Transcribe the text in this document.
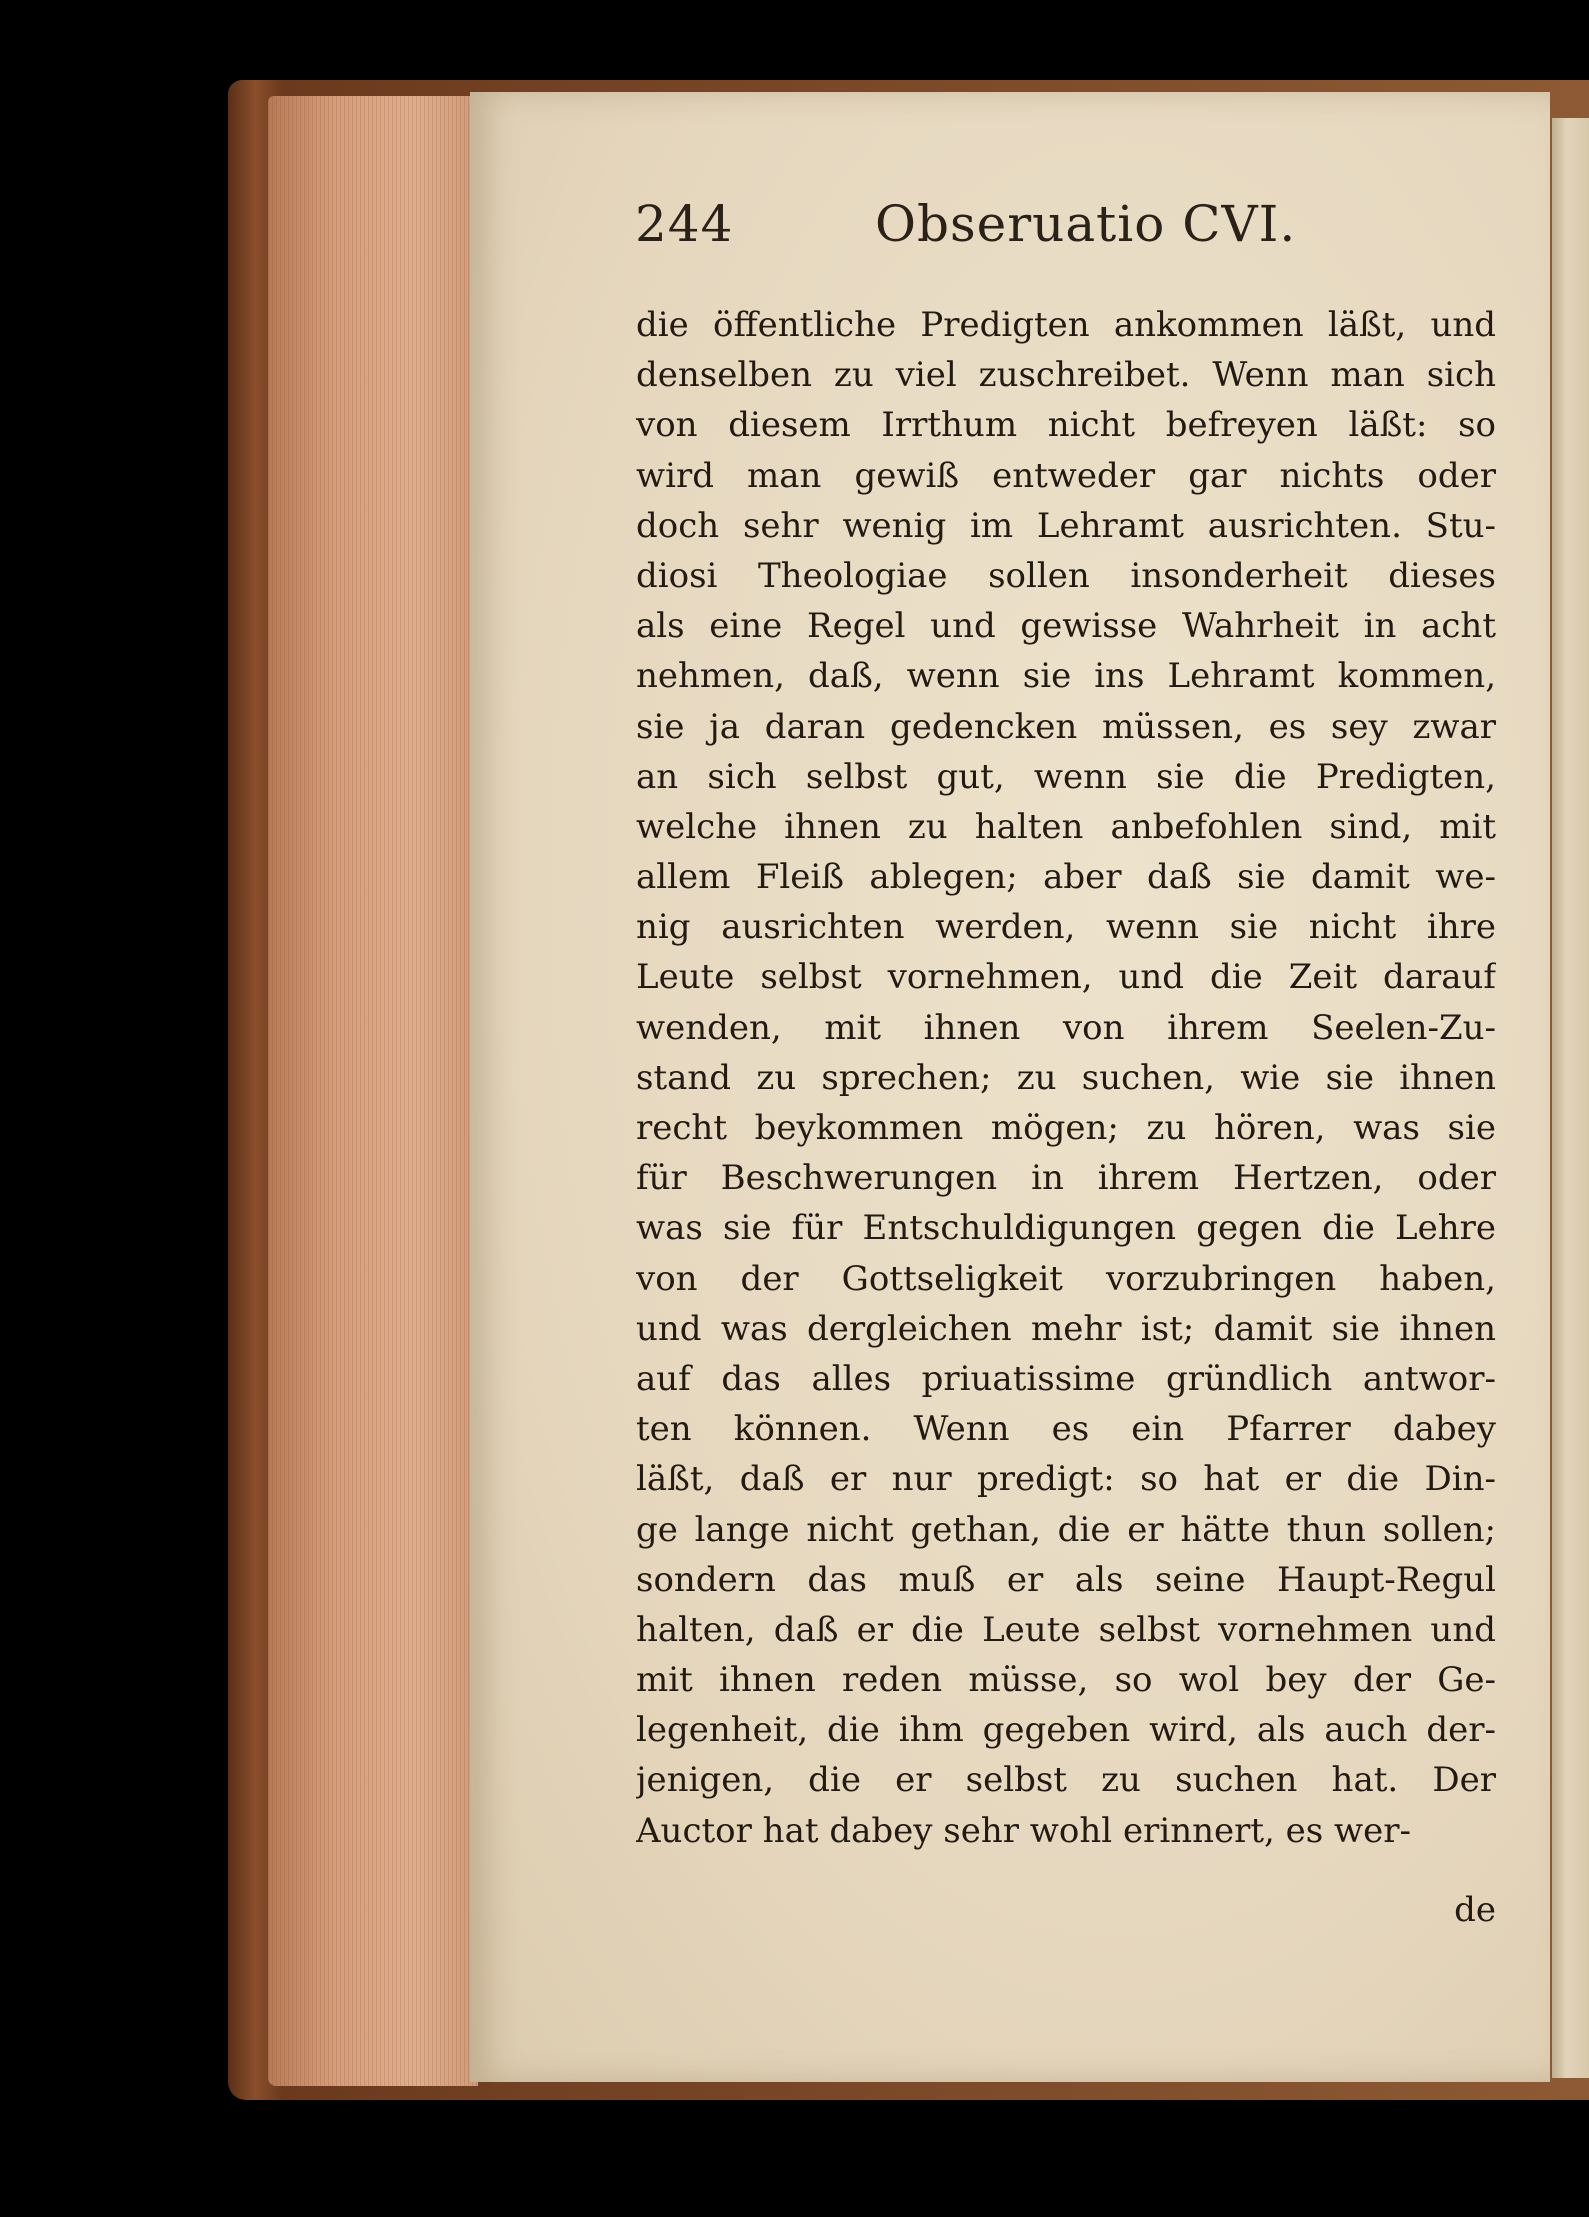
244	Obseruatio CVI.
die öffentliche Predigten ankommen läßt, und
denselben zu viel zuschreibet. Wenn man sich
von diesem Irrthum nicht befreyen läßt: so
wird man gewiß entweder gar nichts oder
doch sehr wenig im Lehramt ausrichten. Stu-
diosi Theologiae sollen insonderheit dieses
als eine Regel und gewisse Wahrheit in acht
nehmen, daß, wenn sie ins Lehramt kommen,
sie ja daran gedencken müssen, es sey zwar
an sich selbst gut, wenn sie die Predigten,
welche ihnen zu halten anbefohlen sind, mit
allem Fleiß ablegen; aber daß sie damit we-
nig ausrichten werden, wenn sie nicht ihre
Leute selbst vornehmen, und die Zeit darauf
wenden, mit ihnen von ihrem Seelen-Zu-
stand zu sprechen; zu suchen, wie sie ihnen
recht beykommen mögen; zu hören, was sie
für Beschwerungen in ihrem Hertzen, oder
was sie für Entschuldigungen gegen die Lehre
von der Gottseligkeit vorzubringen haben,
und was dergleichen mehr ist; damit sie ihnen
auf das alles priuatissime gründlich antwor-
ten können. Wenn es ein Pfarrer dabey
läßt, daß er nur predigt: so hat er die Din-
ge lange nicht gethan, die er hätte thun sollen;
sondern das muß er als seine Haupt-Regul
halten, daß er die Leute selbst vornehmen und
mit ihnen reden müsse, so wol bey der Ge-
legenheit, die ihm gegeben wird, als auch der-
jenigen, die er selbst zu suchen hat. Der
Auctor hat dabey sehr wohl erinnert, es wer-
de
